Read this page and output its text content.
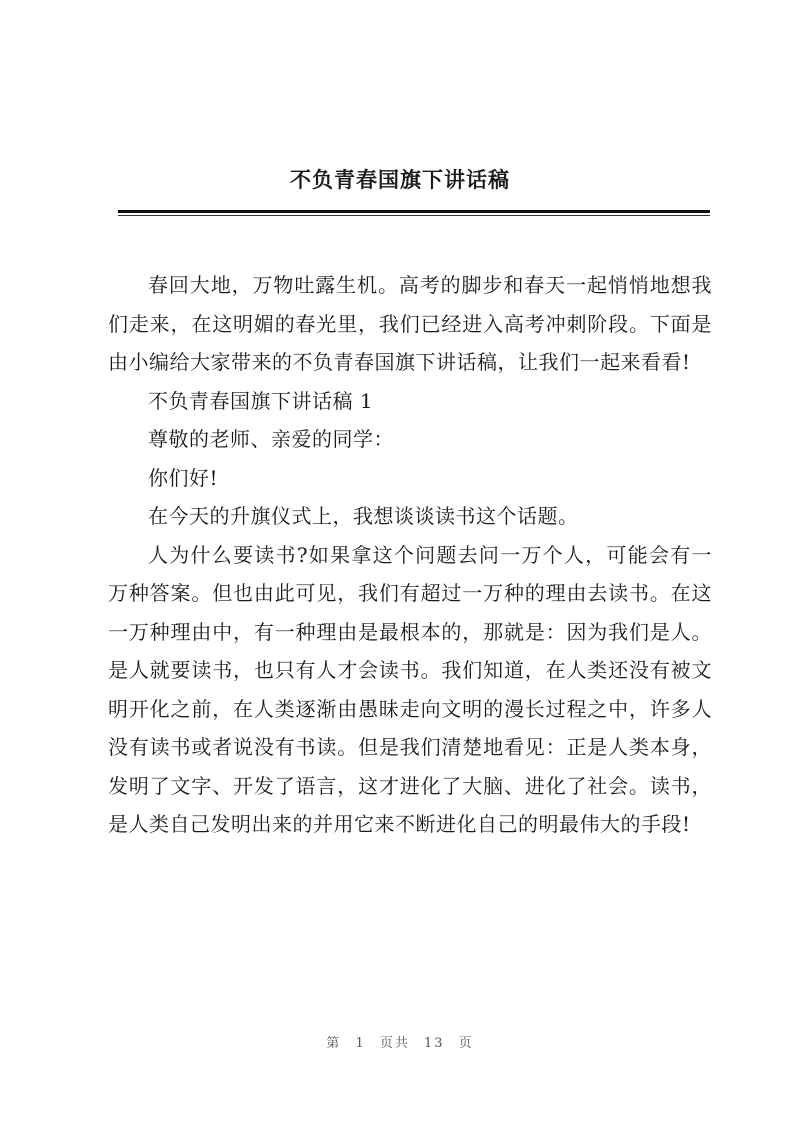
不负青春国旗下讲话稿

春回大地，万物吐露生机。高考的脚步和春天一起悄悄地想我们走来，在这明媚的春光里，我们已经进入高考冲刺阶段。下面是由小编给大家带来的不负青春国旗下讲话稿，让我们一起来看看!

不负青春国旗下讲话稿 1

尊敬的老师、亲爱的同学：

你们好!

在今天的升旗仪式上，我想谈谈读书这个话题。

人为什么要读书?如果拿这个问题去问一万个人，可能会有一万种答案。但也由此可见，我们有超过一万种的理由去读书。在这一万种理由中，有一种理由是最根本的，那就是：因为我们是人。是人就要读书，也只有人才会读书。我们知道，在人类还没有被文明开化之前，在人类逐渐由愚昧走向文明的漫长过程之中，许多人没有读书或者说没有书读。但是我们清楚地看见：正是人类本身，发明了文字、开发了语言，这才进化了大脑、进化了社会。读书，是人类自己发明出来的并用它来不断进化自己的明最伟大的手段!

第 1 页共 13 页
